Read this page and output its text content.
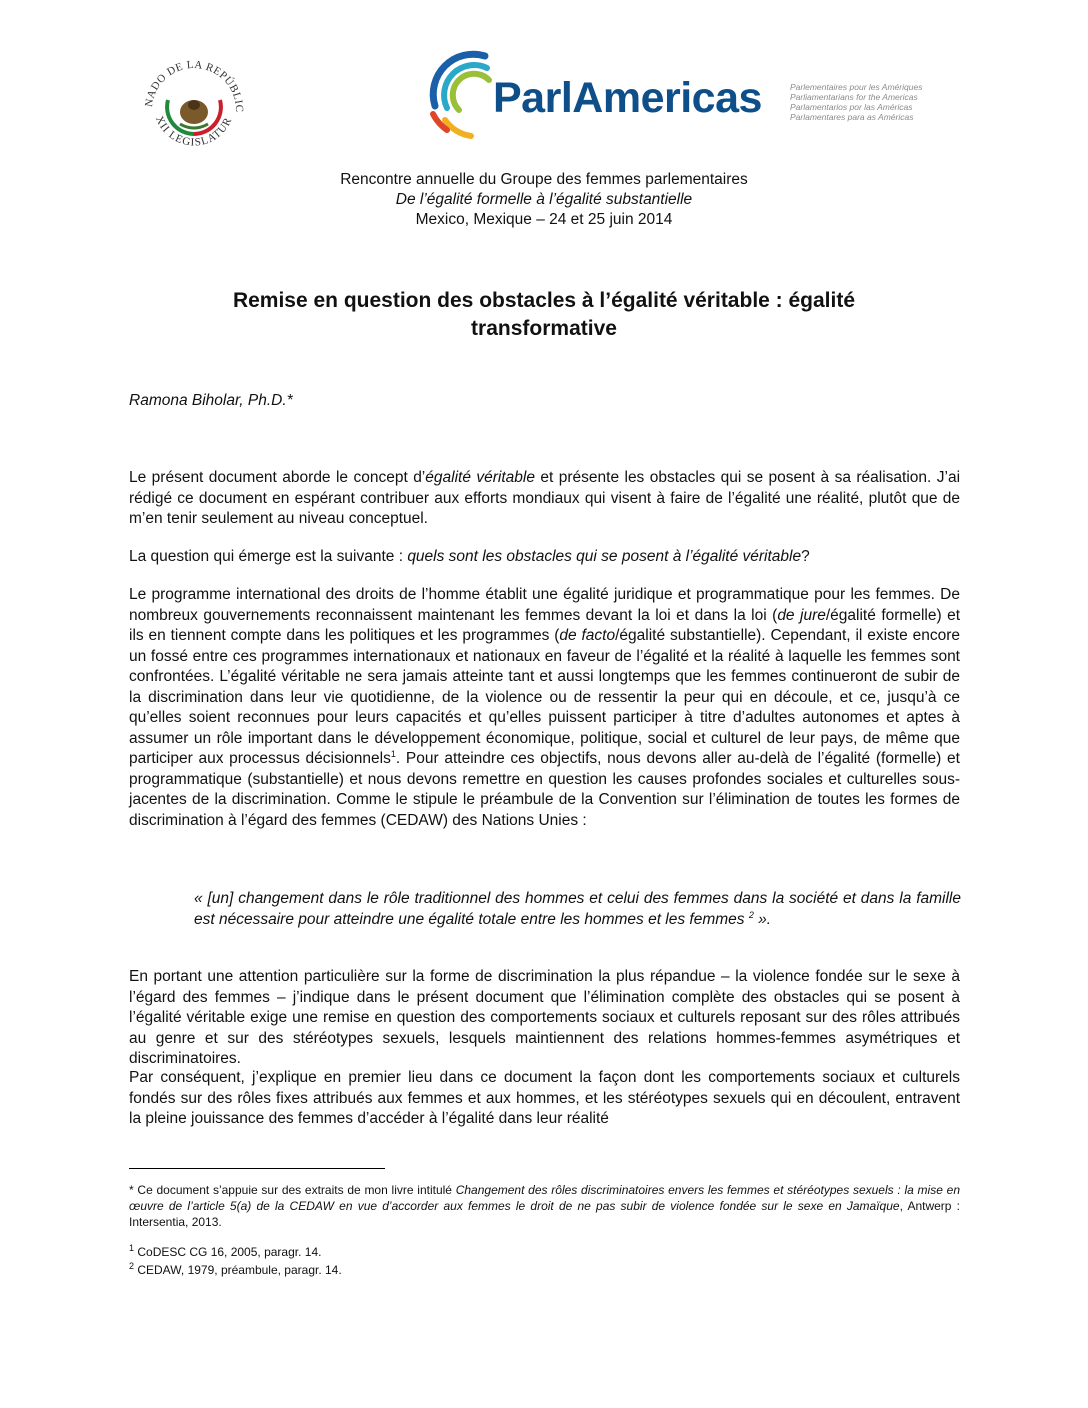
NADO DE LA REPÚBLIC
XII LEGISLATUR	ParlAmericas	Parlementaires pour les Amériques
Parliamentarians for the Americas
Parlamentarios por las Américas
Parlamentares para as Américas
Rencontre annuelle du Groupe des femmes parlementaires
De l’égalité formelle à l’égalité substantielle
Mexico, Mexique – 24 et 25 juin 2014
Remise en question des obstacles à l’égalité véritable : égalité
transformative
Ramona Biholar, Ph.D.*
Le présent document aborde le concept d’égalité véritable et présente les obstacles qui se posent à sa réalisation. J’ai rédigé ce document en espérant contribuer aux efforts mondiaux qui visent à faire de l’égalité une réalité, plutôt que de m’en tenir seulement au niveau conceptuel.
La question qui émerge est la suivante : quels sont les obstacles qui se posent à l’égalité véritable?
Le programme international des droits de l’homme établit une égalité juridique et programmatique pour les femmes. De nombreux gouvernements reconnaissent maintenant les femmes devant la loi et dans la loi (de jure/égalité formelle) et ils en tiennent compte dans les politiques et les programmes (de facto/égalité substantielle). Cependant, il existe encore un fossé entre ces programmes internationaux et nationaux en faveur de l’égalité et la réalité à laquelle les femmes sont confrontées. L’égalité véritable ne sera jamais atteinte tant et aussi longtemps que les femmes continueront de subir de la discrimination dans leur vie quotidienne, de la violence ou de ressentir la peur qui en découle, et ce, jusqu’à ce qu’elles soient reconnues pour leurs capacités et qu’elles puissent participer à titre d’adultes autonomes et aptes à assumer un rôle important dans le développement économique, politique, social et culturel de leur pays, de même que participer aux processus décisionnels$^1$. Pour atteindre ces objectifs, nous devons aller au-delà de l’égalité (formelle) et programmatique (substantielle) et nous devons remettre en question les causes profondes sociales et culturelles sous-jacentes de la discrimination. Comme le stipule le préambule de la Convention sur l’élimination de toutes les formes de discrimination à l’égard des femmes (CEDAW) des Nations Unies :
« [un] changement dans le rôle traditionnel des hommes et celui des femmes dans la société et dans la famille est nécessaire pour atteindre une égalité totale entre les hommes et les femmes $^2$ ».
En portant une attention particulière sur la forme de discrimination la plus répandue – la violence fondée sur le sexe à l’égard des femmes – j’indique dans le présent document que l’élimination complète des obstacles qui se posent à l’égalité véritable exige une remise en question des comportements sociaux et culturels reposant sur des rôles attribués au genre et sur des stéréotypes sexuels, lesquels maintiennent des relations hommes-femmes asymétriques et discriminatoires.
Par conséquent, j’explique en premier lieu dans ce document la façon dont les comportements sociaux et culturels fondés sur des rôles fixes attribués aux femmes et aux hommes, et les stéréotypes sexuels qui en découlent, entravent la pleine jouissance des femmes d’accéder à l’égalité dans leur réalité
* Ce document s’appuie sur des extraits de mon livre intitulé Changement des rôles discriminatoires envers les femmes et stéréotypes sexuels : la mise en œuvre de l’article 5(a) de la CEDAW en vue d’accorder aux femmes le droit de ne pas subir de violence fondée sur le sexe en Jamaïque, Antwerp : Intersentia, 2013.
$^1$ CoDESC CG 16, 2005, paragr. 14.
$^2$ CEDAW, 1979, préambule, paragr. 14.
